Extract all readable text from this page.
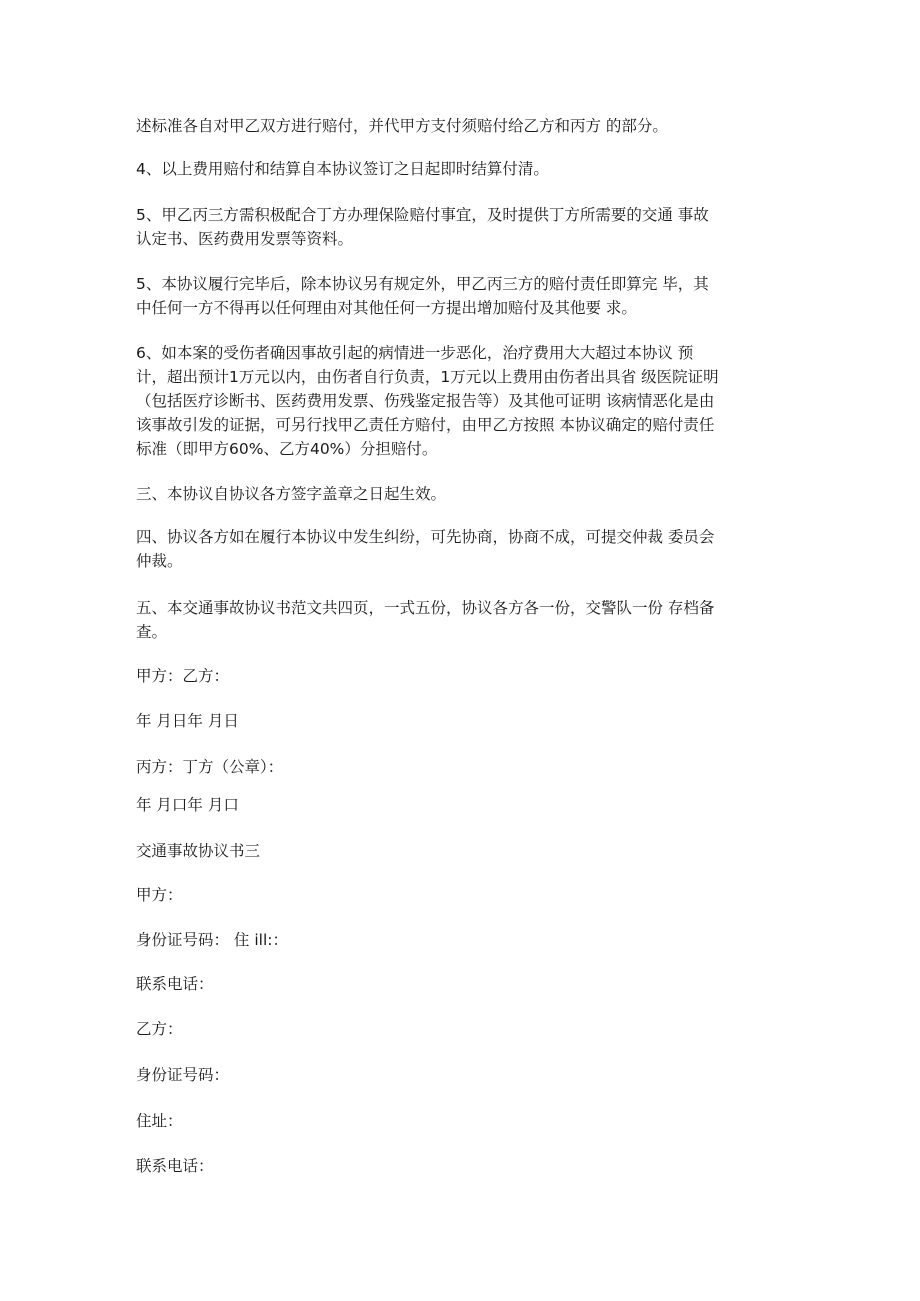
述标准各自对甲乙双方进行赔付，并代甲方支付须赔付给乙方和丙方 的部分。

4、以上费用赔付和结算自本协议签订之日起即时结算付清。

5、甲乙丙三方需积极配合丁方办理保险赔付事宜，及时提供丁方所需要的交通 事故
认定书、医药费用发票等资料。

5、本协议履行完毕后，除本协议另有规定外，甲乙丙三方的赔付责任即算完 毕，其
中任何一方不得再以任何理由对其他任何一方提出增加赔付及其他要 求。

6、如本案的受伤者确因事故引起的病情进一步恶化，治疗费用大大超过本协议 预
计，超出预计1万元以内，由伤者自行负责，1万元以上费用由伤者出具省 级医院证明
（包括医疗诊断书、医药费用发票、伤残鉴定报告等）及其他可证明 该病情恶化是由
该事故引发的证据，可另行找甲乙责任方赔付，由甲乙方按照 本协议确定的赔付责任
标准（即甲方60%、乙方40%）分担赔付。

三、本协议自协议各方签字盖章之日起生效。

四、协议各方如在履行本协议中发生纠纷，可先协商，协商不成，可提交仲裁 委员会
仲裁。

五、本交通事故协议书范文共四页，一式五份，协议各方各一份，交警队一份 存档备
查。

甲方：乙方：

年 月日年 月日

丙方：丁方（公章）：

年 月口年 月口

交通事故协议书三

甲方：

身份证号码： 住 ill:：

联系电话：

乙方：

身份证号码：

住址：

联系电话：
